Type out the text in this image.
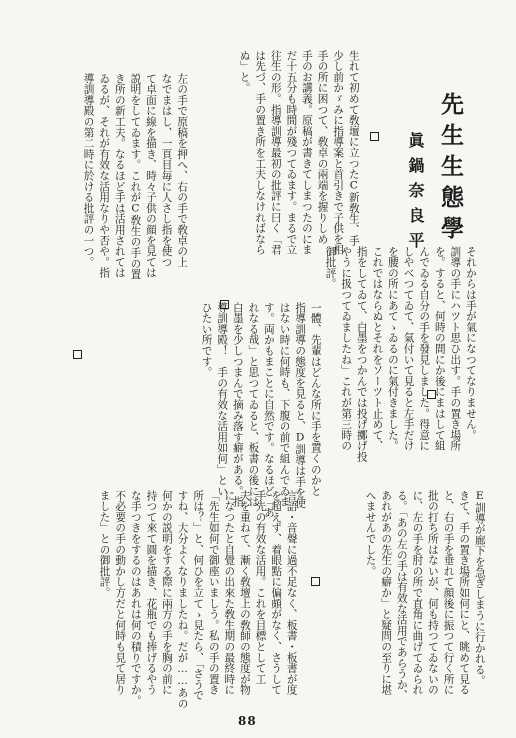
先生生態學
眞鍋奈良平
生れて初めて敎壇に立つたC新敎生、手
少し前かゞみに指導案と首引きで子供を相
手の所に困つて、敎卓の兩端を握りしめ
手のお講義。原稿が書きてしまつたのにま
だ十五分も時間が殘つてゐます。まるで立
往生の形。指導訓導最初の批評に曰く「君
は先づ、手の置き所を工夫しなければなら
ぬ」と。
それからは手が氣になつてなりません。
訓導の手にハツト思ひ出す。手の置き場所
を。すると、何時の間にか後にまはして組
んでゐる自分の手を發見しました。得意に
しやべつてゐて、氣付いて見ると左手だけ
を腰の所にあてゝゐるのに氣付きました。
これではならぬとそれをソーツト止めて、
指をしてゐて、白墨をつかんでは投げ擲げ投
やうに扱つてゐましたね」これが第三時の
御批評。
左の手で原稿を押へ、右の手で敎卓の上
なでまはし、一頁目毎に人さし指を使つ
て卓面に線を描き、時々子供の顔を見ては
説明をしてゐます。これがC敎生の手の置
き所の新工夫。なるほど手は活用されては
ゐるが、それが有效な活用なりや否や。指
導訓導殿の第二時に於ける批評の一つ。
一體、先輩はどんな所に手を置くのかと
指導訓導の態度を見ると、D訓導は手を使
はない時に何時も、下腹の前で組んでゐま
す。両かもまことに自然です。なるほど「あ
れなる哉」と思つてゐると、板書の後には
白墨を少しつまんで摘み落す癖がある。指
導訓導殿！　手の有效な活用如何」とい
ひたい所です。
E訓導が廊下を急ぎしまうに行かれる。
きて、手の置き場所如何にと、眺めて見る
と、右の手を垂れて顔後に振つて行く所に
批の打ち所はないが、何も持つてゐないの
に、左の手を肘の所で直角に曲げてゐられ
る。「あの左の手は有效な活用であらうか、
あれがあの先生の癖か」と疑問の至りに堪
へませんでした。
言語・音聲に過不足なく、板書・板書が度
を超えず、着眼點に偏頗がなく、さうして
手先の有效な活用。これを目標として工
夫を重ねて、漸く敎壇上の敎師の態度が物
になつたと自覺の出來た敎生期の最終時に
「先生如何で御座いましう。私の手の置き
所は？」と、何ひを立てゝ見たら、「さうで
すね、大分よくなりましたね。だが……あの
何かの説明をする際に兩方の手を胸の前に
持つて來て圓を描き、花瓶でも捧げるやう
な手つきをするのはあれは何の積りですか。
不必要の手の動かし方だと何時も見て居り
ました」との御批評。
88
